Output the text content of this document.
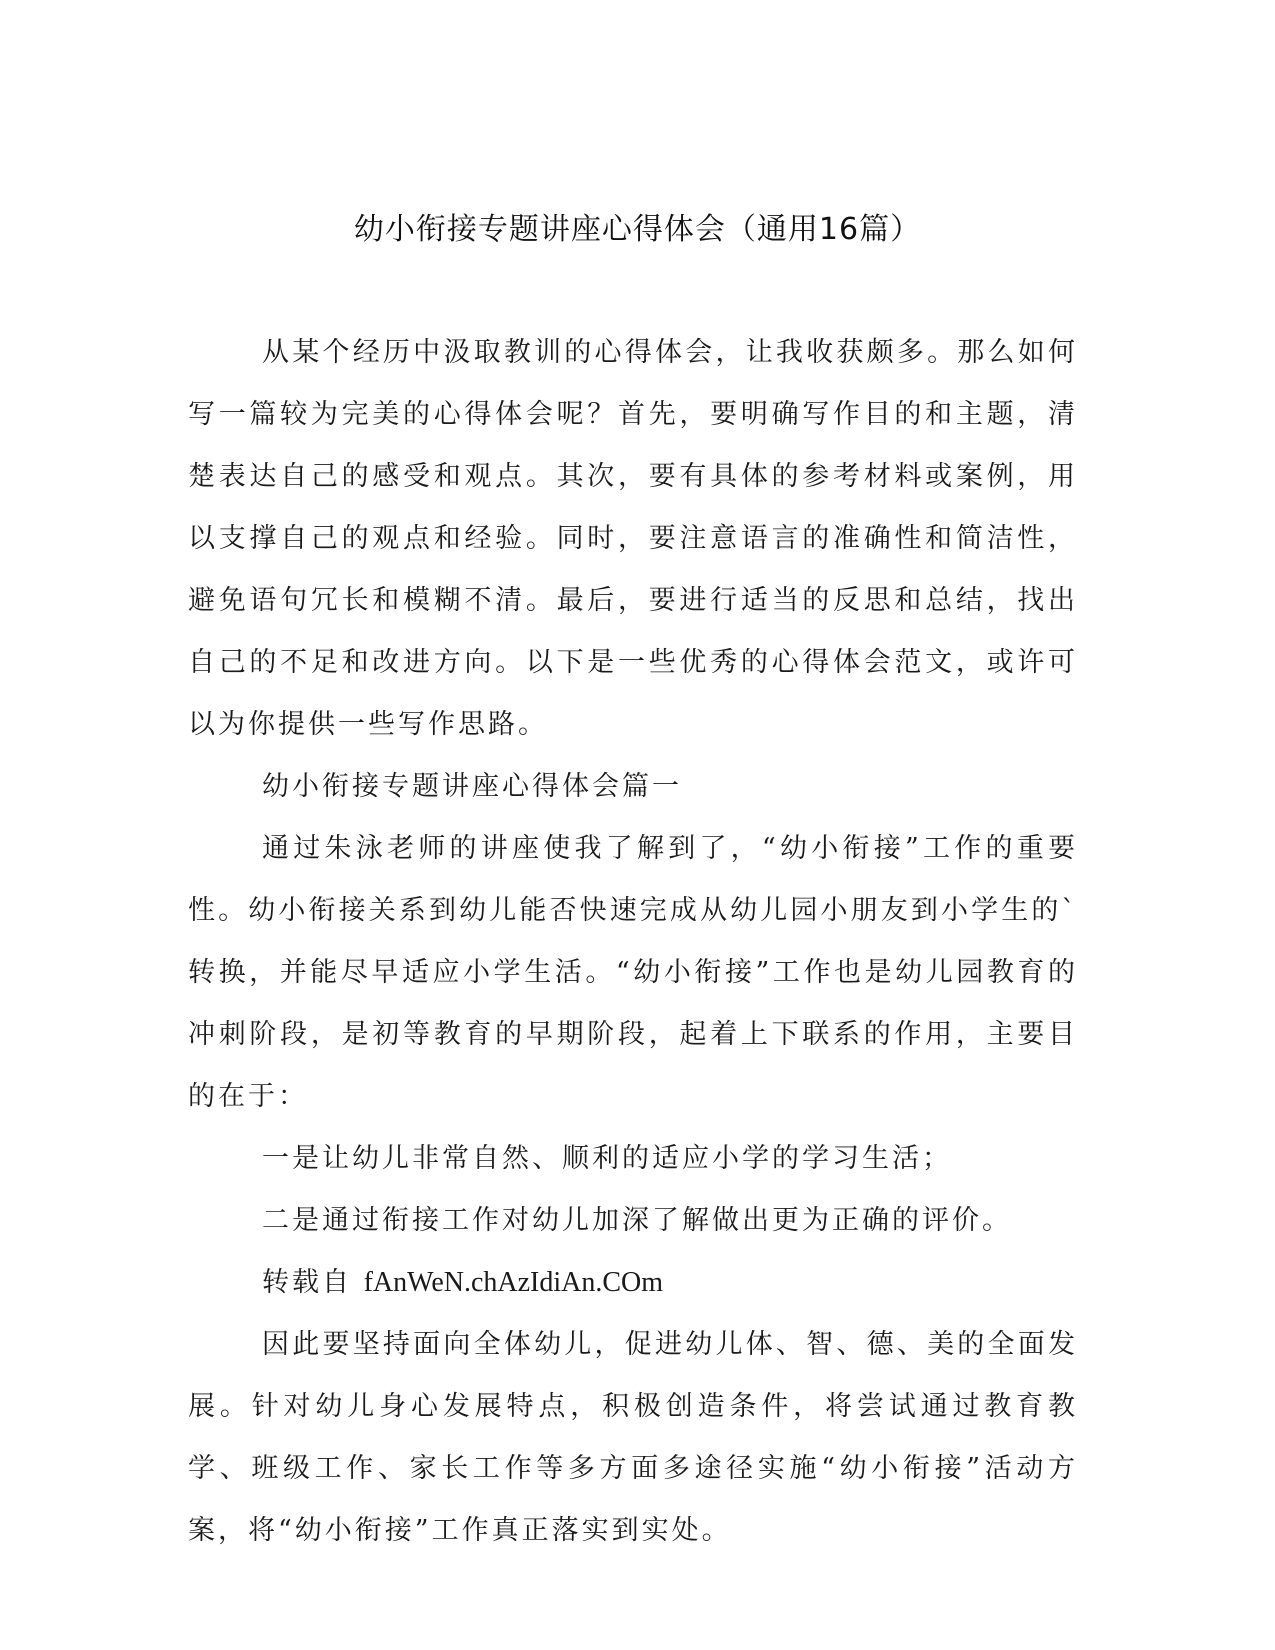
幼小衔接专题讲座心得体会（通用16篇）

从某个经历中汲取教训的心得体会，让我收获颇多。那么如何写一篇较为完美的心得体会呢？首先，要明确写作目的和主题，清楚表达自己的感受和观点。其次，要有具体的参考材料或案例，用以支撑自己的观点和经验。同时，要注意语言的准确性和简洁性，避免语句冗长和模糊不清。最后，要进行适当的反思和总结，找出自己的不足和改进方向。以下是一些优秀的心得体会范文，或许可以为你提供一些写作思路。

幼小衔接专题讲座心得体会篇一

通过朱泳老师的讲座使我了解到了，“幼小衔接”工作的重要性。幼小衔接关系到幼儿能否快速完成从幼儿园小朋友到小学生的`转换，并能尽早适应小学生活。“幼小衔接”工作也是幼儿园教育的冲刺阶段，是初等教育的早期阶段，起着上下联系的作用，主要目的在于：

一是让幼儿非常自然、顺利的适应小学的学习生活；

二是通过衔接工作对幼儿加深了解做出更为正确的评价。

转载自 fAnWeN.chAzIdiAn.COm

因此要坚持面向全体幼儿，促进幼儿体、智、德、美的全面发展。针对幼儿身心发展特点，积极创造条件，将尝试通过教育教学、班级工作、家长工作等多方面多途径实施“幼小衔接”活动方案，将“幼小衔接”工作真正落实到实处。
